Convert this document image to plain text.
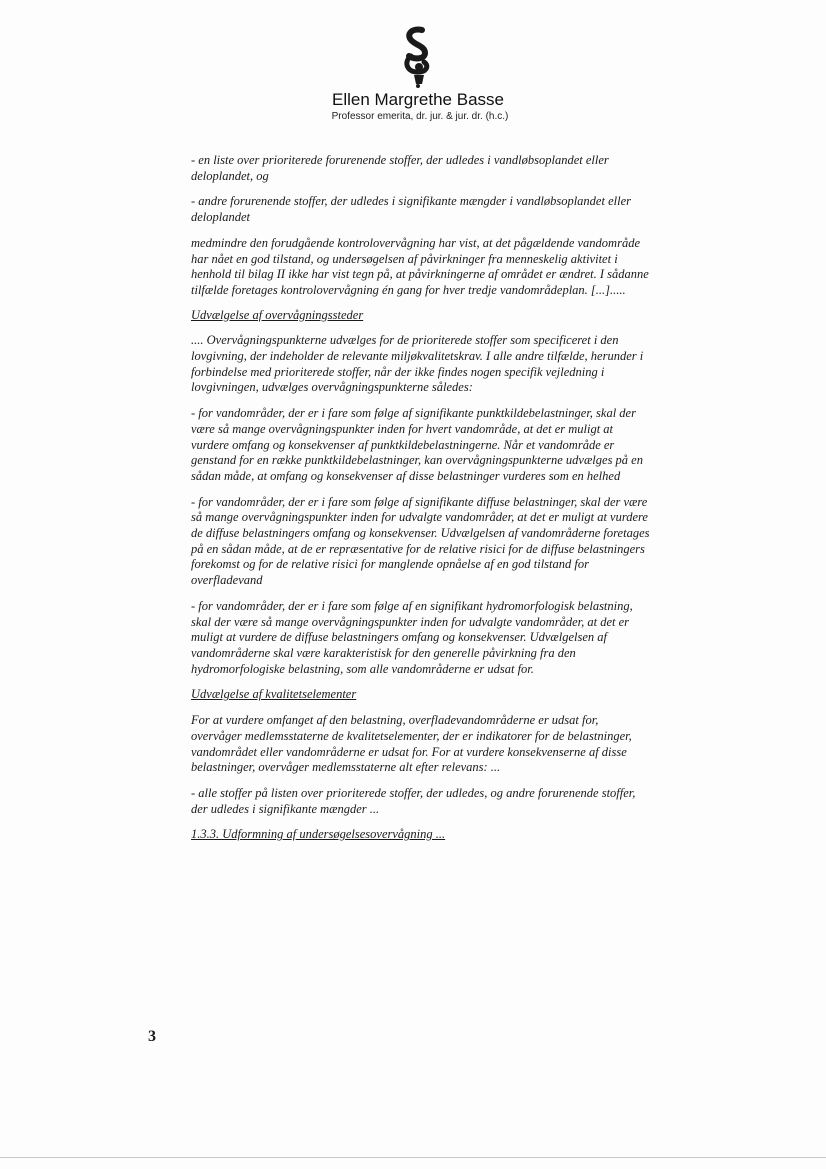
Ellen Margrethe Basse
Professor emerita, dr. jur. & jur. dr. (h.c.)

- en liste over prioriterede forurenende stoffer, der udledes i vandløbsoplandet eller deloplandet, og

- andre forurenende stoffer, der udledes i signifikante mængder i vandløbsoplandet eller deloplandet

medmindre den forudgående kontrolovervågning har vist, at det pågældende vandområde har nået en god tilstand, og undersøgelsen af påvirkninger fra menneskelig aktivitet i henhold til bilag II ikke har vist tegn på, at påvirkningerne af området er ændret. I sådanne tilfælde foretages kontrolovervågning én gang for hver tredje vandområdeplan. [...].....

Udvælgelse af overvågningssteder

.... Overvågningspunkterne udvælges for de prioriterede stoffer som specificeret i den lovgivning, der indeholder de relevante miljøkvalitetskrav. I alle andre tilfælde, herunder i forbindelse med prioriterede stoffer, når der ikke findes nogen specifik vejledning i lovgivningen, udvælges overvågningspunkterne således:

- for vandområder, der er i fare som følge af signifikante punktkildebelastninger, skal der være så mange overvågningspunkter inden for hvert vandområde, at det er muligt at vurdere omfang og konsekvenser af punktkildebelastningerne. Når et vandområde er genstand for en række punktkildebelastninger, kan overvågningspunkterne udvælges på en sådan måde, at omfang og konsekvenser af disse belastninger vurderes som en helhed

- for vandområder, der er i fare som følge af signifikante diffuse belastninger, skal der være så mange overvågningspunkter inden for udvalgte vandområder, at det er muligt at vurdere de diffuse belastningers omfang og konsekvenser. Udvælgelsen af vandområderne foretages på en sådan måde, at de er repræsentative for de relative risici for de diffuse belastningers forekomst og for de relative risici for manglende opnåelse af en god tilstand for overfladevand

- for vandområder, der er i fare som følge af en signifikant hydromorfologisk belastning, skal der være så mange overvågningspunkter inden for udvalgte vandområder, at det er muligt at vurdere de diffuse belastningers omfang og konsekvenser. Udvælgelsen af vandområderne skal være karakteristisk for den generelle påvirkning fra den hydromorfologiske belastning, som alle vandområderne er udsat for.

Udvælgelse af kvalitetselementer

For at vurdere omfanget af den belastning, overfladevandområderne er udsat for, overvåger medlemsstaterne de kvalitetselementer, der er indikatorer for de belastninger, vandområdet eller vandområderne er udsat for. For at vurdere konsekvenserne af disse belastninger, overvåger medlemsstaterne alt efter relevans: ...

- alle stoffer på listen over prioriterede stoffer, der udledes, og andre forurenende stoffer, der udledes i signifikante mængder ...

1.3.3. Udformning af undersøgelsesovervågning ...

3
